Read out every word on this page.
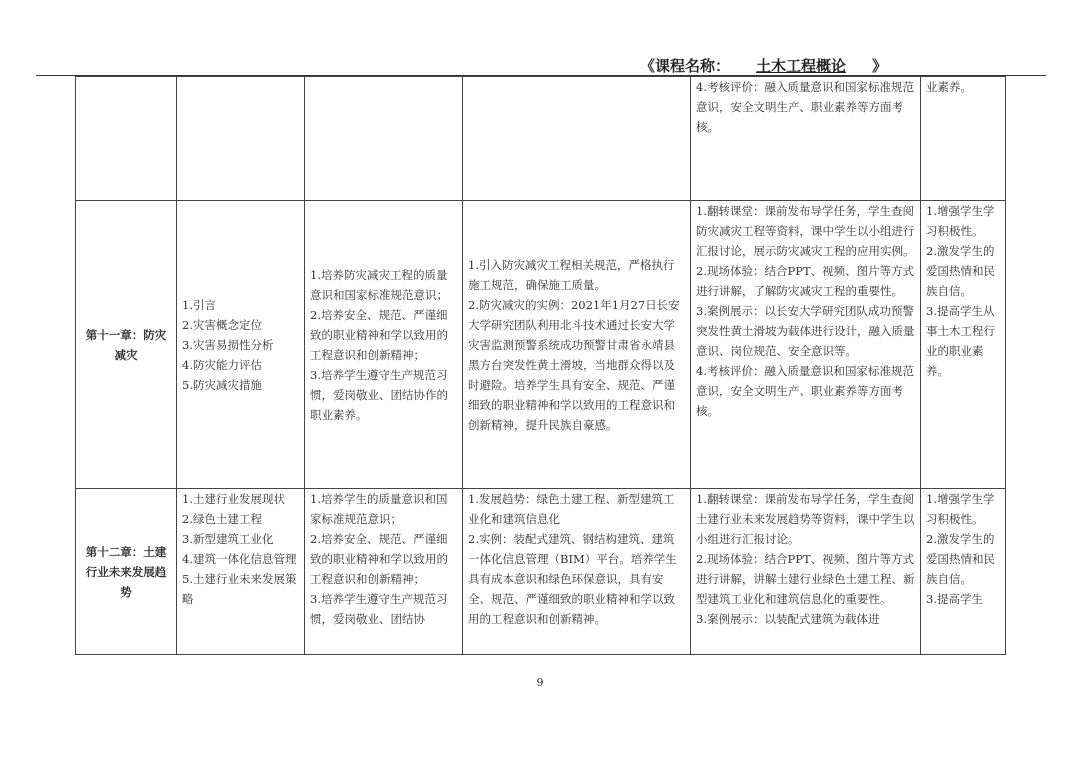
《课程名称： 土木工程概论 》

				4.考核评价：融入质量意识和国家标准规范意识，安全文明生产、职业素养等方面考核。	业素养。

第十一章：防灾减灾	1.引言
2.灾害概念定位
3.灾害易损性分析
4.防灾能力评估
5.防灾减灾措施	1.培养防灾减灾工程的质量意识和国家标准规范意识；
2.培养安全、规范、严谨细致的职业精神和学以致用的工程意识和创新精神；
3.培养学生遵守生产规范习惯，爱岗敬业、团结协作的职业素养。	1.引入防灾减灾工程相关规范，严格执行施工规范，确保施工质量。
2.防灾减灾的实例：2021年1月27日长安大学研究团队利用北斗技术通过长安大学灾害监测预警系统成功预警甘肃省永靖县黑方台突发性黄土滑坡，当地群众得以及时避险。培养学生具有安全、规范、严谨细致的职业精神和学以致用的工程意识和创新精神，提升民族自豪感。	1.翻转课堂：课前发布导学任务，学生查阅防灾减灾工程等资料，课中学生以小组进行汇报讨论，展示防灾减灾工程的应用实例。
2.现场体验：结合PPT、视频、图片等方式进行讲解，了解防灾减灾工程的重要性。
3.案例展示：以长安大学研究团队成功预警突发性黄土滑坡为载体进行设计，融入质量意识、岗位规范、安全意识等。
4.考核评价：融入质量意识和国家标准规范意识，安全文明生产、职业素养等方面考核。	1.增强学生学习积极性。
2.激发学生的爱国热情和民族自信。
3.提高学生从事土木工程行业的职业素养。

第十二章：土建行业未来发展趋势	1.土建行业发展现状
2.绿色土建工程
3.新型建筑工业化
4.建筑一体化信息管理
5.土建行业未来发展策略	1.培养学生的质量意识和国家标准规范意识；
2.培养安全、规范、严谨细致的职业精神和学以致用的工程意识和创新精神；
3.培养学生遵守生产规范习惯，爱岗敬业、团结协	1.发展趋势：绿色土建工程、新型建筑工业化和建筑信息化
2.实例：装配式建筑、钢结构建筑、建筑一体化信息管理（BIM）平台。培养学生具有成本意识和绿色环保意识，具有安全、规范、严谨细致的职业精神和学以致用的工程意识和创新精神。	1.翻转课堂：课前发布导学任务，学生查阅土建行业未来发展趋势等资料，课中学生以小组进行汇报讨论。
2.现场体验：结合PPT、视频、图片等方式进行讲解，讲解土建行业绿色土建工程、新型建筑工业化和建筑信息化的重要性。
3.案例展示：以装配式建筑为载体进	1.增强学生学习积极性。
2.激发学生的爱国热情和民族自信。
3.提高学生
9
